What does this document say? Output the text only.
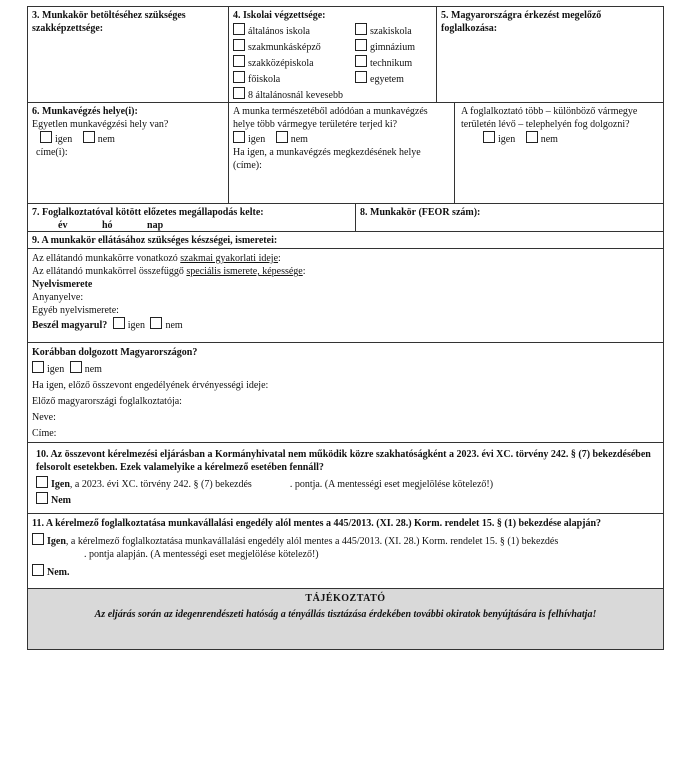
3. Munkakör betöltéséhez szükséges szakképzettsége:
4. Iskolai végzettsége:
általános iskola	szakiskola
szakmunkásképző	gimnázium
szakközépiskola	technikum
főiskola	egyetem
8 általánosnál kevesebb
5. Magyarországra érkezést megelőző foglalkozása:
6. Munkavégzés helye(i):
Egyetlen munkavégzési hely van?
igen	nem
címe(i):
A munka természetéből adódóan a munkavégzés helye több vármegye területére terjed ki?
igen	nem
Ha igen, a munkavégzés megkezdésének helye (címe):
A foglalkoztató több – különböző vármegye területén lévő – telephelyén fog dolgozni?
igen	nem
7. Foglalkoztatóval kötött előzetes megállapodás kelte:
év	hó	nap
8. Munkakör (FEOR szám):
9. A munkakör ellátásához szükséges készségei, ismeretei:
Az ellátandó munkakörre vonatkozó szakmai gyakorlati ideje:
Az ellátandó munkakörrel összefüggő speciális ismerete, képessége:
Nyelvismerete
Anyanyelve:
Egyéb nyelvismerete:
Beszél magyarul? igen nem
Korábban dolgozott Magyarországon?
igen nem
Ha igen, előző összevont engedélyének érvényességi ideje:
Előző magyarországi foglalkoztatója:
Neve:
Címe:
10. Az összevont kérelmezési eljárásban a Kormányhivatal nem működik közre szakhatóságként a 2023. évi XC. törvény 242. § (7) bekezdésében felsorolt esetekben. Ezek valamelyike a kérelmező esetében fennáll?
Igen, a 2023. évi XC. törvény 242. § (7) bekezdés	. pontja. (A mentességi eset megjelölése kötelező!)
Nem
11. A kérelmező foglalkoztatása munkavállalási engedély alól mentes a 445/2013. (XI. 28.) Korm. rendelet 15. § (1) bekezdése alapján?
Igen, a kérelmező foglalkoztatása munkavállalási engedély alól mentes a 445/2013. (XI. 28.) Korm. rendelet 15. § (1) bekezdés
. pontja alapján. (A mentességi eset megjelölése kötelező!)
Nem.
TÁJÉKOZTATÓ
Az eljárás során az idegenrendészeti hatóság a tényállás tisztázása érdekében további okiratok benyújtására is felhívhatja!
